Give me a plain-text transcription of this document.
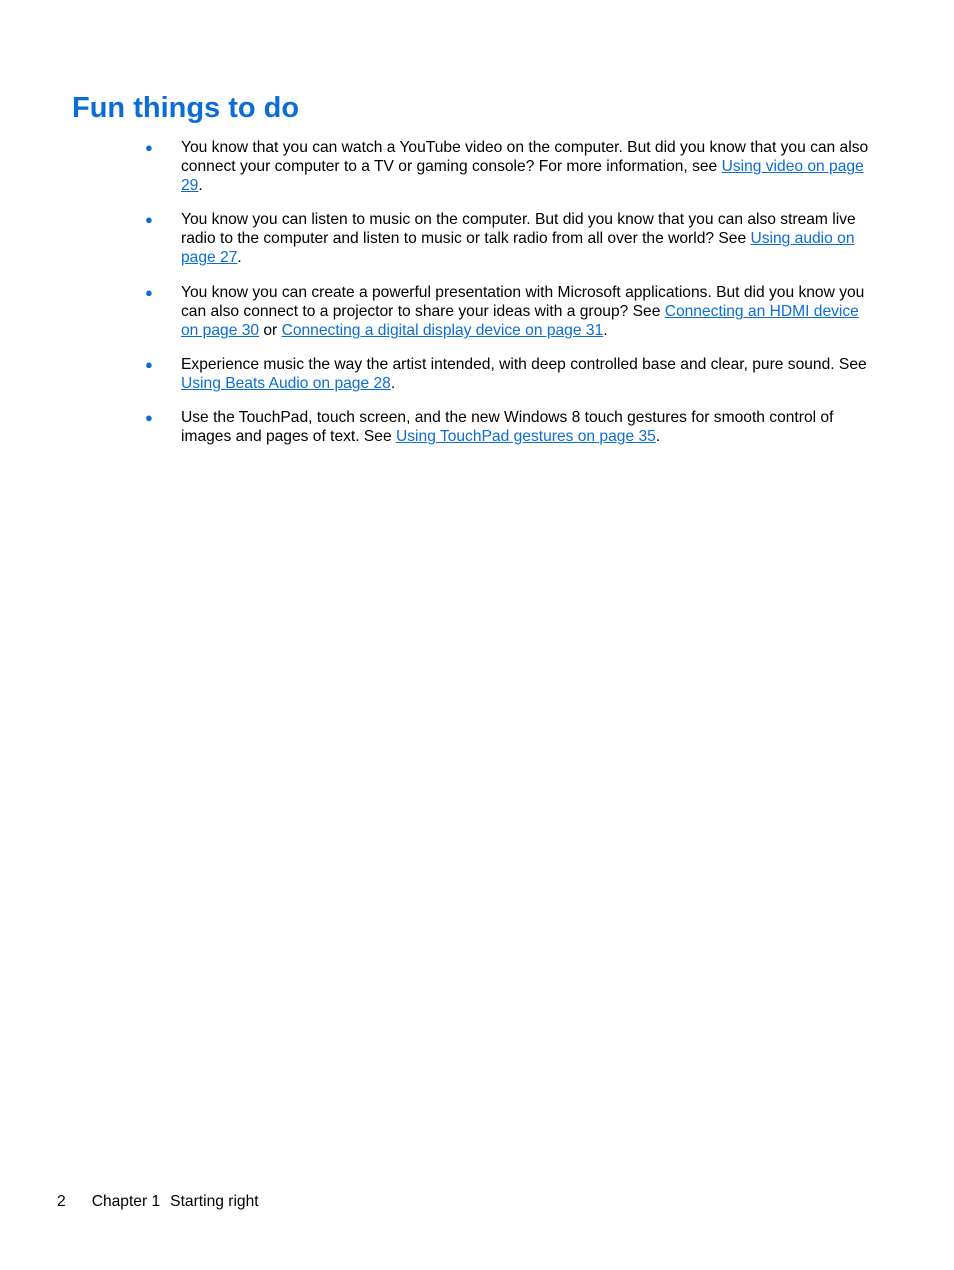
Fun things to do
● You know that you can watch a YouTube video on the computer. But did you know that you can also connect your computer to a TV or gaming console? For more information, see Using video on page 29.
● You know you can listen to music on the computer. But did you know that you can also stream live radio to the computer and listen to music or talk radio from all over the world? See Using audio on page 27.
● You know you can create a powerful presentation with Microsoft applications. But did you know you can also connect to a projector to share your ideas with a group? See Connecting an HDMI device on page 30 or Connecting a digital display device on page 31.
● Experience music the way the artist intended, with deep controlled base and clear, pure sound. See Using Beats Audio on page 28.
● Use the TouchPad, touch screen, and the new Windows 8 touch gestures for smooth control of images and pages of text. See Using TouchPad gestures on page 35.
2 Chapter 1 Starting right
